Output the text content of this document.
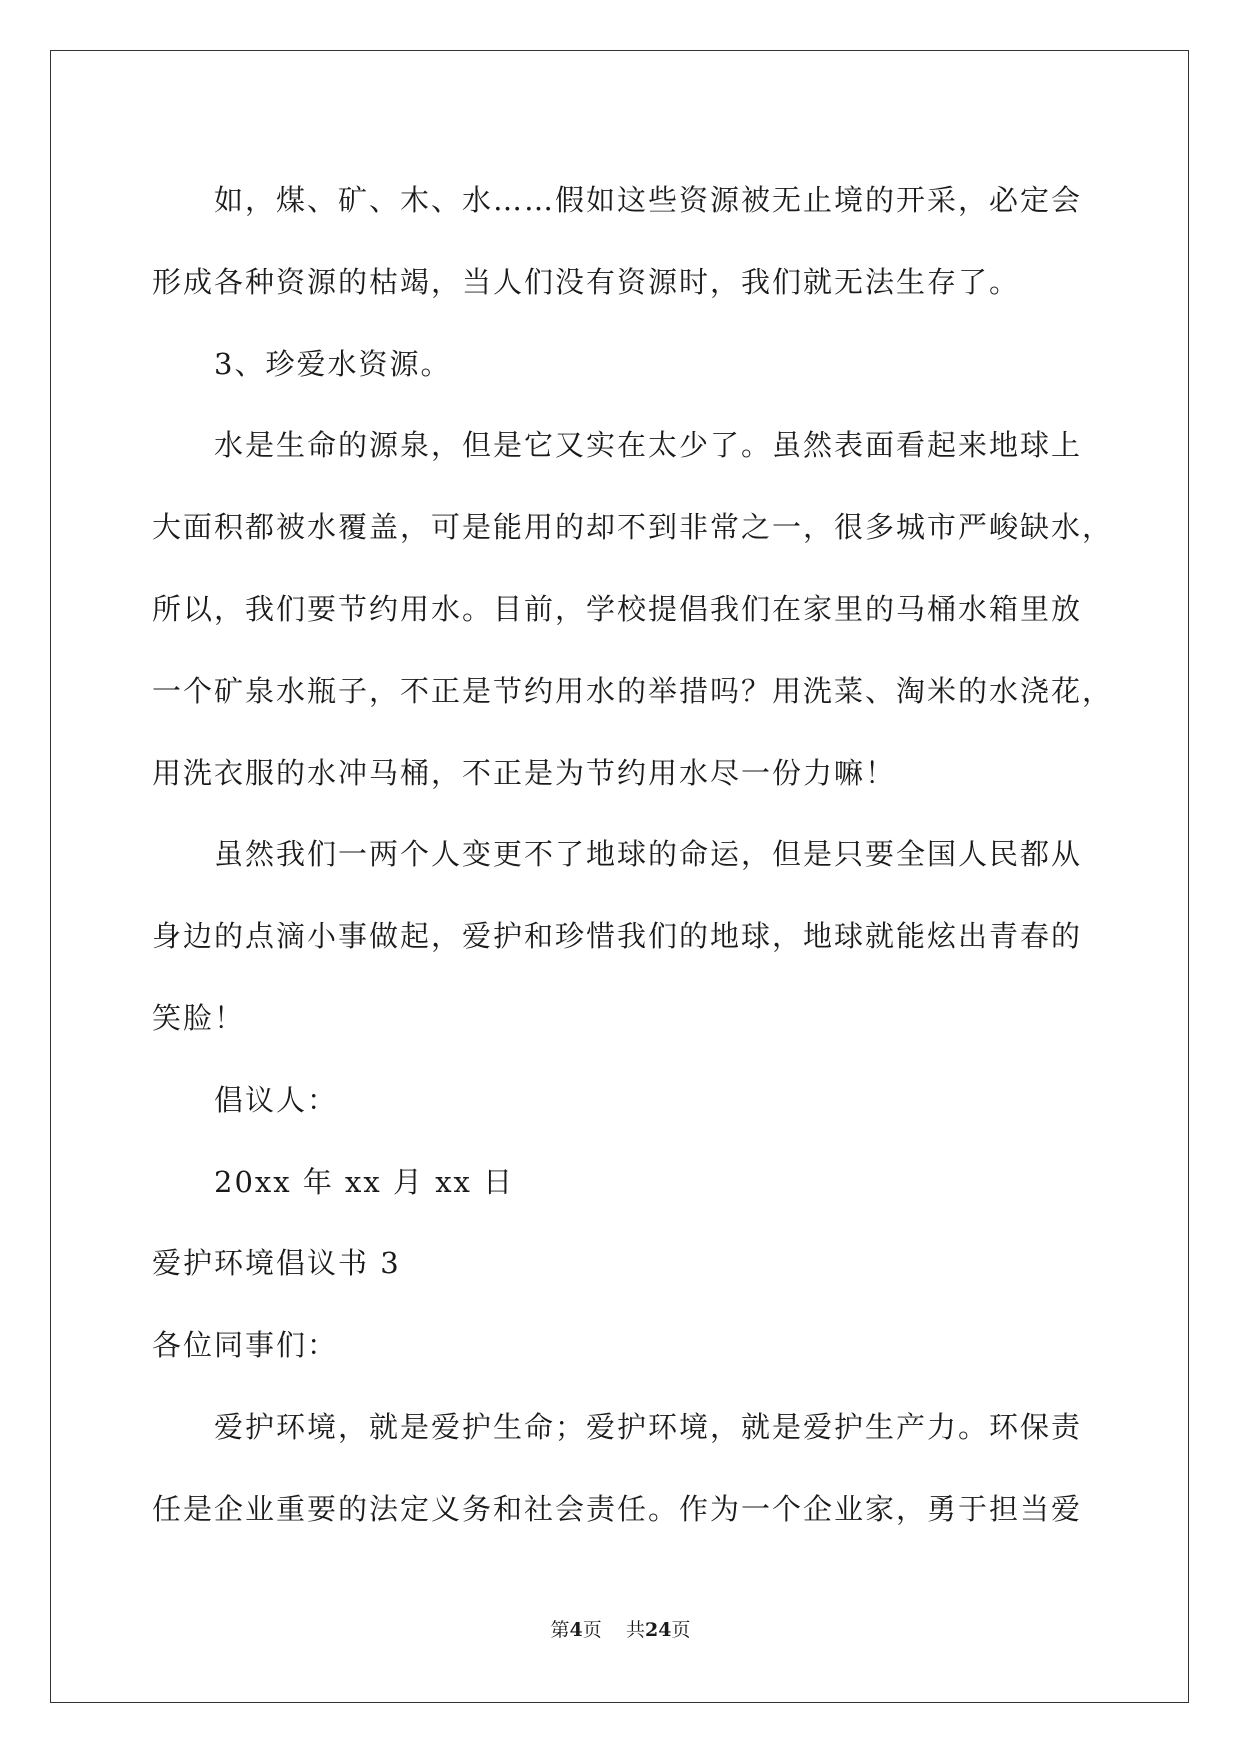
如，煤、矿、木、水……假如这些资源被无止境的开采，必定会
形成各种资源的枯竭，当人们没有资源时，我们就无法生存了。
3、珍爱水资源。
水是生命的源泉，但是它又实在太少了。虽然表面看起来地球上
大面积都被水覆盖，可是能用的却不到非常之一，很多城市严峻缺水，
所以，我们要节约用水。目前，学校提倡我们在家里的马桶水箱里放
一个矿泉水瓶子，不正是节约用水的举措吗？用洗菜、淘米的水浇花，
用洗衣服的水冲马桶，不正是为节约用水尽一份力嘛！
虽然我们一两个人变更不了地球的命运，但是只要全国人民都从
身边的点滴小事做起，爱护和珍惜我们的地球，地球就能炫出青春的
笑脸！
倡议人：
20xx 年 xx 月 xx 日
爱护环境倡议书 3
各位同事们：
爱护环境，就是爱护生命；爱护环境，就是爱护生产力。环保责
任是企业重要的法定义务和社会责任。作为一个企业家，勇于担当爱
第4页 共24页
